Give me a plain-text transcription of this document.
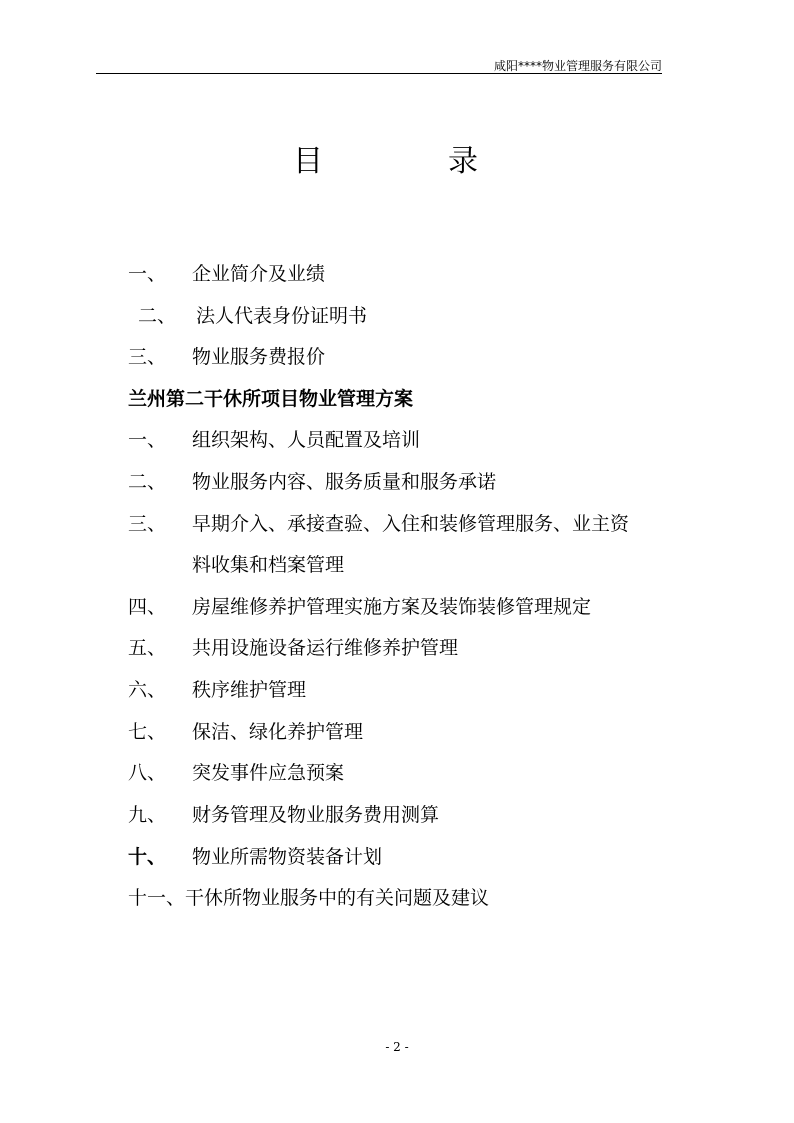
咸阳****物业管理服务有限公司
目	录
一、 企业简介及业绩
二、 法人代表身份证明书
三、 物业服务费报价
兰州第二干休所项目物业管理方案
一、 组织架构、人员配置及培训
二、 物业服务内容、服务质量和服务承诺
三、 早期介入、承接查验、入住和装修管理服务、业主资
料收集和档案管理
四、 房屋维修养护管理实施方案及装饰装修管理规定
五、 共用设施设备运行维修养护管理
六、 秩序维护管理
七、 保洁、绿化养护管理
八、 突发事件应急预案
九、 财务管理及物业服务费用测算
十、 物业所需物资装备计划
十一、 干休所物业服务中的有关问题及建议
- 2 -
